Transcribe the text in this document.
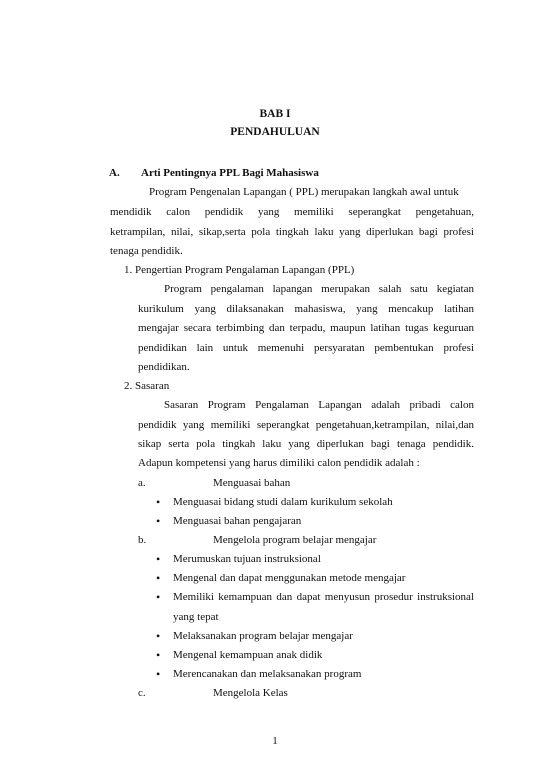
BAB I
PENDAHULUAN
A. Arti Pentingnya PPL Bagi Mahasiswa
Program Pengenalan Lapangan ( PPL) merupakan langkah awal untuk
mendidik calon pendidik yang memiliki seperangkat pengetahuan,
ketrampilan, nilai, sikap,serta pola tingkah laku yang diperlukan bagi profesi
tenaga pendidik.
1. Pengertian Program Pengalaman Lapangan (PPL)
Program pengalaman lapangan merupakan salah satu kegiatan
kurikulum yang dilaksanakan mahasiswa, yang mencakup latihan
mengajar secara terbimbing dan terpadu, maupun latihan tugas keguruan
pendidikan lain untuk memenuhi persyaratan pembentukan profesi
pendidikan.
2. Sasaran
Sasaran Program Pengalaman Lapangan adalah pribadi calon
pendidik yang memiliki seperangkat pengetahuan,ketrampilan, nilai,dan
sikap serta pola tingkah laku yang diperlukan bagi tenaga pendidik.
Adapun kompetensi yang harus dimiliki calon pendidik adalah :
a.	Menguasai bahan
• Menguasai bidang studi dalam kurikulum sekolah
• Menguasai bahan pengajaran
b.	Mengelola program belajar mengajar
• Merumuskan tujuan instruksional
• Mengenal dan dapat menggunakan metode mengajar
• Memiliki kemampuan dan dapat menyusun prosedur instruksional
yang tepat
• Melaksanakan program belajar mengajar
• Mengenal kemampuan anak didik
• Merencanakan dan melaksanakan program
c.	Mengelola Kelas
1
